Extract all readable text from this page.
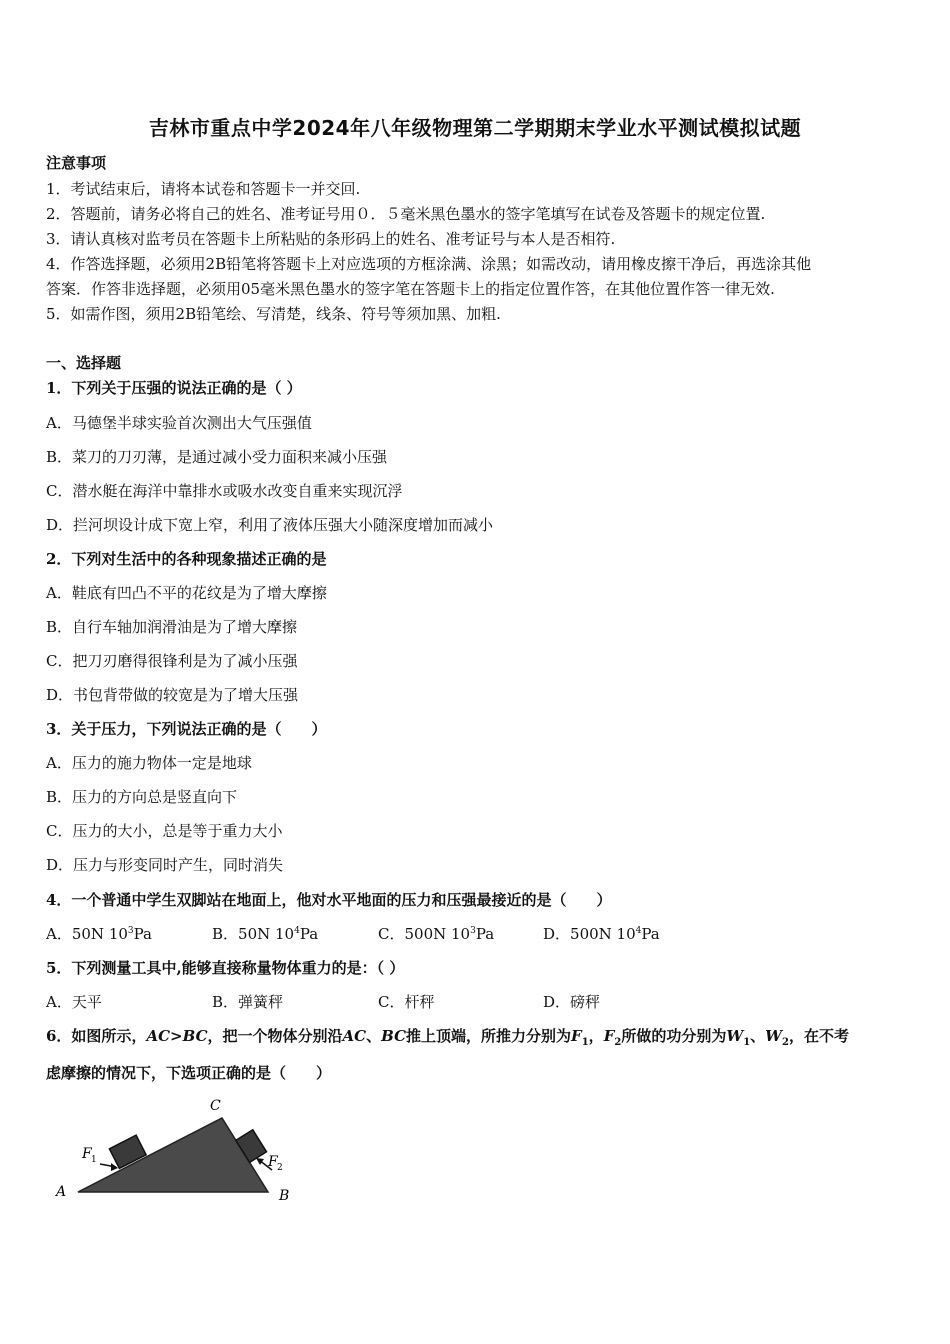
吉林市重点中学2024年八年级物理第二学期期末学业水平测试模拟试题
注意事项
1．考试结束后，请将本试卷和答题卡一并交回.
2．答题前，请务必将自己的姓名、准考证号用０．５毫米黑色墨水的签字笔填写在试卷及答题卡的规定位置.
3．请认真核对监考员在答题卡上所粘贴的条形码上的姓名、准考证号与本人是否相符.
4．作答选择题，必须用2B铅笔将答题卡上对应选项的方框涂满、涂黑；如需改动，请用橡皮擦干净后，再选涂其他
答案．作答非选择题，必须用05毫米黑色墨水的签字笔在答题卡上的指定位置作答，在其他位置作答一律无效.
5．如需作图，须用2B铅笔绘、写清楚，线条、符号等须加黑、加粗.
一、选择题
1．下列关于压强的说法正确的是（ ）
A．马德堡半球实验首次测出大气压强值
B．菜刀的刀刃薄，是通过减小受力面积来减小压强
C．潜水艇在海洋中靠排水或吸水改变自重来实现沉浮
D．拦河坝设计成下宽上窄，利用了液体压强大小随深度增加而减小
2．下列对生活中的各种现象描述正确的是
A．鞋底有凹凸不平的花纹是为了增大摩擦
B．自行车轴加润滑油是为了增大摩擦
C．把刀刃磨得很锋利是为了减小压强
D．书包背带做的较宽是为了增大压强
3．关于压力，下列说法正确的是（　　）
A．压力的施力物体一定是地球
B．压力的方向总是竖直向下
C．压力的大小，总是等于重力大小
D．压力与形变同时产生，同时消失
4．一个普通中学生双脚站在地面上，他对水平地面的压力和压强最接近的是（　　）
A．50N $10^3Pa$	B．50N $10^4Pa$	C．500N $10^3Pa$	D．500N $10^4Pa$
5．下列测量工具中,能够直接称量物体重力的是：（ ）
A．天平	B．弹簧秤	C．杆秤	D．磅秤
6．如图所示，AC>BC，把一个物体分别沿AC、BC推上顶端，所推力分别为$F_1$，$F_2$所做的功分别为$W_1$、$W_2$，在不考
虑摩擦的情况下，下选项正确的是（　　）
A	B
C
F 1	F 2
